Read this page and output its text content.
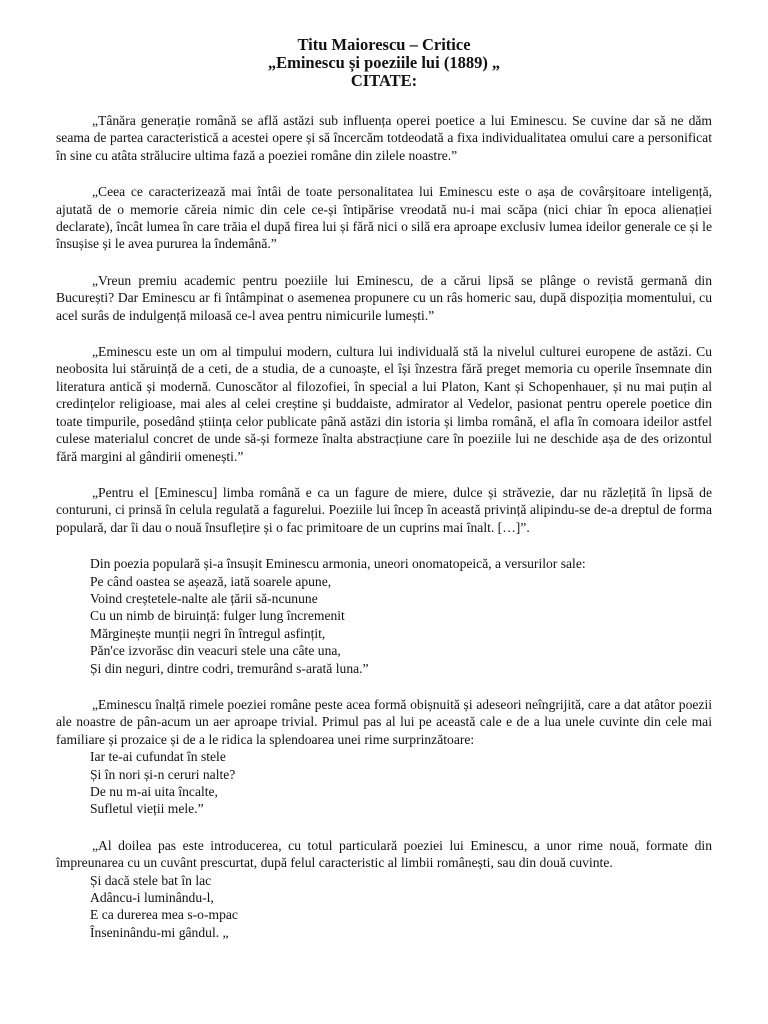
Titu Maiorescu – Critice
„Eminescu și poeziile lui (1889) „
CITATE:

„Tânăra generație română se află astăzi sub influența operei poetice a lui Eminescu. Se cuvine dar să ne dăm seama de partea caracteristică a acestei opere și să încercăm totdeodată a fixa individualitatea omului care a personificat în sine cu atâta strălucire ultima fază a poeziei române din zilele noastre.”

„Ceea ce caracterizează mai întâi de toate personalitatea lui Eminescu este o așa de covârșitoare inteligență, ajutată de o memorie căreia nimic din cele ce-și întipărise vreodată nu-i mai scăpa (nici chiar în epoca alienației declarate), încât lumea în care trăia el după firea lui și fără nici o silă era aproape exclusiv lumea ideilor generale ce și le însușise și le avea pururea la îndemână.”

„Vreun premiu academic pentru poeziile lui Eminescu, de a cărui lipsă se plânge o revistă germană din București? Dar Eminescu ar fi întâmpinat o asemenea propunere cu un râs homeric sau, după dispoziția momentului, cu acel surâs de indulgență miloasă ce-l avea pentru nimicurile lumești.”

„Eminescu este un om al timpului modern, cultura lui individuală stă la nivelul culturei europene de astăzi. Cu neobosita lui stăruință de a ceti, de a studia, de a cunoaște, el își înzestra fără preget memoria cu operile însemnate din literatura antică și modernă. Cunoscător al filozofiei, în special a lui Platon, Kant și Schopenhauer, și nu mai puțin al credințelor religioase, mai ales al celei creștine și buddaiste, admirator al Vedelor, pasionat pentru operele poetice din toate timpurile, posedând știința celor publicate până astăzi din istoria și limba română, el afla în comoara ideilor astfel culese materialul concret de unde să-și formeze înalta abstracțiune care în poeziile lui ne deschide așa de des orizontul fără margini al gândirii omenești.”

„Pentru el [Eminescu] limba română e ca un fagure de miere, dulce și străvezie, dar nu răzlețită în lipsă de conturuni, ci prinsă în celula regulată a fagurelui. Poeziile lui încep în această privință alipindu-se de-a dreptul de forma populară, dar îi dau o nouă însuflețire și o fac primitoare de un cuprins mai înalt. […]”.

Din poezia populară și-a însușit Eminescu armonia, uneori onomatopeică, a versurilor sale:

Pe când oastea se așează, iată soarele apune,

Voind creștetele-nalte ale țării să-ncunune

Cu un nimb de biruință: fulger lung încremenit

Mărginește munții negri în întregul asfințit,

Păn'ce izvorăsc din veacuri stele una câte una,

Și din neguri, dintre codri, tremurând s-arată luna.”

„Eminescu înalță rimele poeziei române peste acea formă obișnuită și adeseori neîngrijită, care a dat atâtor poezii ale noastre de pân-acum un aer aproape trivial. Primul pas al lui pe această cale e de a lua unele cuvinte din cele mai familiare și prozaice și de a le ridica la splendoarea unei rime surprinzătoare:

Iar te-ai cufundat în stele

Și în nori și-n ceruri nalte?

De nu m-ai uita încalte,

Sufletul vieții mele.”

„Al doilea pas este introducerea, cu totul particulară poeziei lui Eminescu, a unor rime nouă, formate din împreunarea cu un cuvânt prescurtat, după felul caracteristic al limbii românești, sau din două cuvinte.

Și dacă stele bat în lac

Adâncu-i luminându-l,

E ca durerea mea s-o-mpac

Înseninându-mi gândul. „
